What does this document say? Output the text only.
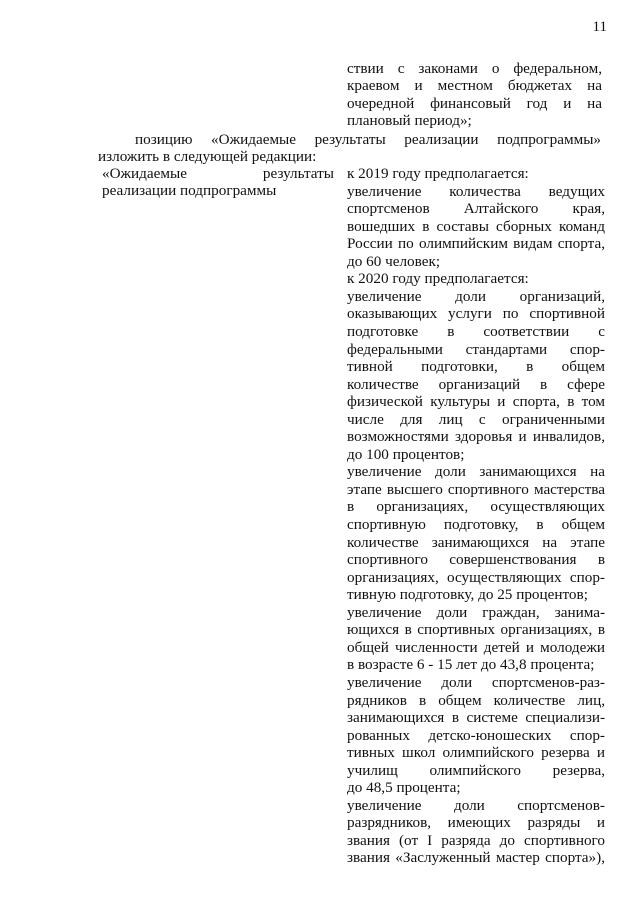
11
ствии с законами о федеральном,
краевом и местном бюджетах на
очередной финансовый год и на
плановый период»;
позицию «Ожидаемые результаты реализации подпрограммы»
изложить в следующей редакции:
«Ожидаемые результаты
реализации подпрограммы
к 2019 году предполагается:
увеличение количества ведущих
спортсменов Алтайского края,
вошедших в составы сборных команд
России по олимпийским видам спорта,
до 60 человек;
к 2020 году предполагается:
увеличение доли организаций,
оказывающих услуги по спортивной
подготовке в соответствии с
федеральными стандартами спор-
тивной подготовки, в общем
количестве организаций в сфере
физической культуры и спорта, в том
числе для лиц с ограниченными
возможностями здоровья и инвалидов,
до 100 процентов;
увеличение доли занимающихся на
этапе высшего спортивного мастерства
в организациях, осуществляющих
спортивную подготовку, в общем
количестве занимающихся на этапе
спортивного совершенствования в
организациях, осуществляющих спор-
тивную подготовку, до 25 процентов;
увеличение доли граждан, занима-
ющихся в спортивных организациях, в
общей численности детей и молодежи
в возрасте 6 - 15 лет до 43,8 процента;
увеличение доли спортсменов-раз-
рядников в общем количестве лиц,
занимающихся в системе специализи-
рованных детско-юношеских спор-
тивных школ олимпийского резерва и
училищ олимпийского резерва,
до 48,5 процента;
увеличение доли спортсменов-
разрядников, имеющих разряды и
звания (от I разряда до спортивного
звания «Заслуженный мастер спорта»),
